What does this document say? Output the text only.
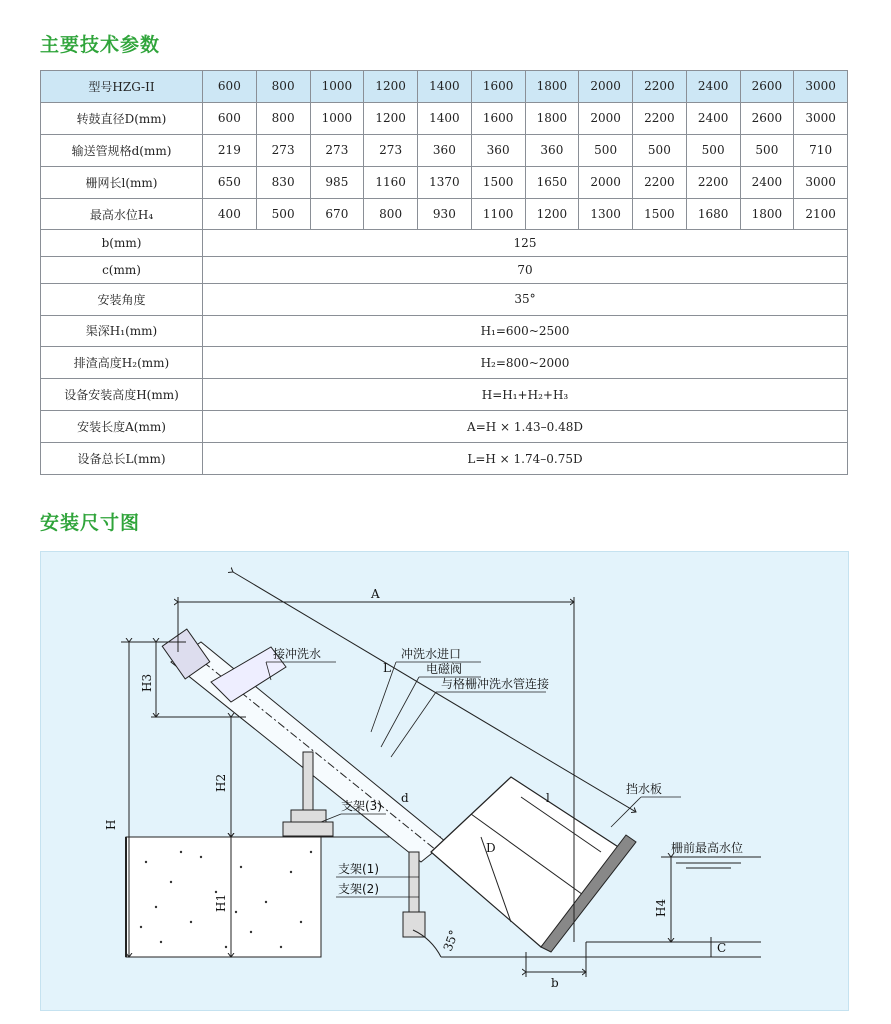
主要技术参数
型号HZG-II	600	800	1000	1200	1400	1600	1800	2000	2200	2400	2600	3000
转鼓直径D(mm)	600	800	1000	1200	1400	1600	1800	2000	2200	2400	2600	3000
输送管规格d(mm)	219	273	273	273	360	360	360	500	500	500	500	710
栅网长l(mm)	650	830	985	1160	1370	1500	1650	2000	2200	2200	2400	3000
最高水位H₄	400	500	670	800	930	1100	1200	1300	1500	1680	1800	2100
b(mm)	125											
c(mm)	70											
安装角度	35°											
渠深H₁(mm)	H₁=600~2500											
排渣高度H₂(mm)	H₂=800~2000											
设备安装高度H(mm)	H=H₁+H₂+H₃											
安装长度A(mm)	A=H × 1.43–0.48D											
设备总长L(mm)	L=H × 1.74–0.75D											
安装尺寸图
A
L
H
H3
H2
H1	H4
C
b
D
d	l
35°
接冲洗水	冲洗水进口
电磁阀
与格栅冲洗水管连接
挡水板
栅前最高水位
支架(3)
支架(1)
支架(2)
